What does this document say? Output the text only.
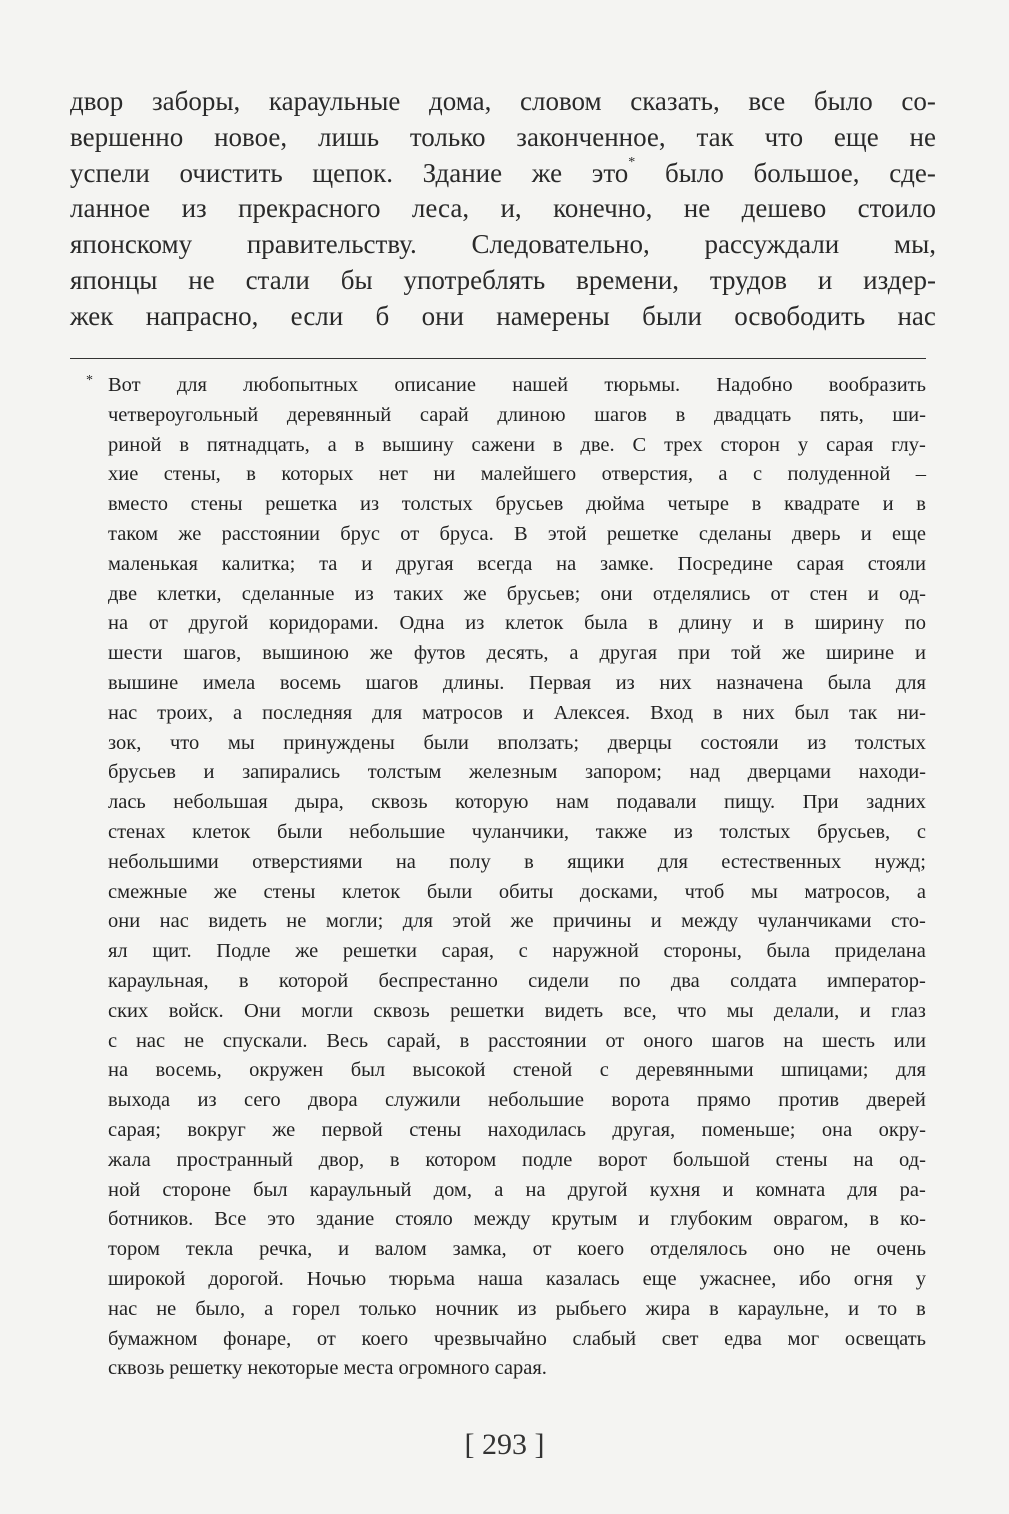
двор заборы, караульные дома, словом сказать, все было со-
вершенно новое, лишь только законченное, так что еще не
успели очистить щепок. Здание же это* было большое, сде-
ланное из прекрасного леса, и, конечно, не дешево стоило
японскому правительству. Следовательно, рассуждали мы,
японцы не стали бы употреблять времени, трудов и издер-
жек напрасно, если б они намерены были освободить нас
* Вот для любопытных описание нашей тюрьмы. Надобно вообразить
четвероугольный деревянный сарай длиною шагов в двадцать пять, ши-
риной в пятнадцать, а в вышину сажени в две. С трех сторон у сарая глу-
хие стены, в которых нет ни малейшего отверстия, а с полуденной –
вместо стены решетка из толстых брусьев дюйма четыре в квадрате и в
таком же расстоянии брус от бруса. В этой решетке сделаны дверь и еще
маленькая калитка; та и другая всегда на замке. Посредине сарая стояли
две клетки, сделанные из таких же брусьев; они отделялись от стен и од-
на от другой коридорами. Одна из клеток была в длину и в ширину по
шести шагов, вышиною же футов десять, а другая при той же ширине и
вышине имела восемь шагов длины. Первая из них назначена была для
нас троих, а последняя для матросов и Алексея. Вход в них был так ни-
зок, что мы принуждены были вползать; дверцы состояли из толстых
брусьев и запирались толстым железным запором; над дверцами находи-
лась небольшая дыра, сквозь которую нам подавали пищу. При задних
стенах клеток были небольшие чуланчики, также из толстых брусьев, с
небольшими отверстиями на полу в ящики для естественных нужд;
смежные же стены клеток были обиты досками, чтоб мы матросов, а
они нас видеть не могли; для этой же причины и между чуланчиками сто-
ял щит. Подле же решетки сарая, с наружной стороны, была приделана
караульная, в которой беспрестанно сидели по два солдата император-
ских войск. Они могли сквозь решетки видеть все, что мы делали, и глаз
с нас не спускали. Весь сарай, в расстоянии от оного шагов на шесть или
на восемь, окружен был высокой стеной с деревянными шпицами; для
выхода из сего двора служили небольшие ворота прямо против дверей
сарая; вокруг же первой стены находилась другая, поменьше; она окру-
жала пространный двор, в котором подле ворот большой стены на од-
ной стороне был караульный дом, а на другой кухня и комната для ра-
ботников. Все это здание стояло между крутым и глубоким оврагом, в ко-
тором текла речка, и валом замка, от коего отделялось оно не очень
широкой дорогой. Ночью тюрьма наша казалась еще ужаснее, ибо огня у
нас не было, а горел только ночник из рыбьего жира в караульне, и то в
бумажном фонаре, от коего чрезвычайно слабый свет едва мог освещать
сквозь решетку некоторые места огромного сарая.
[ 293 ]
